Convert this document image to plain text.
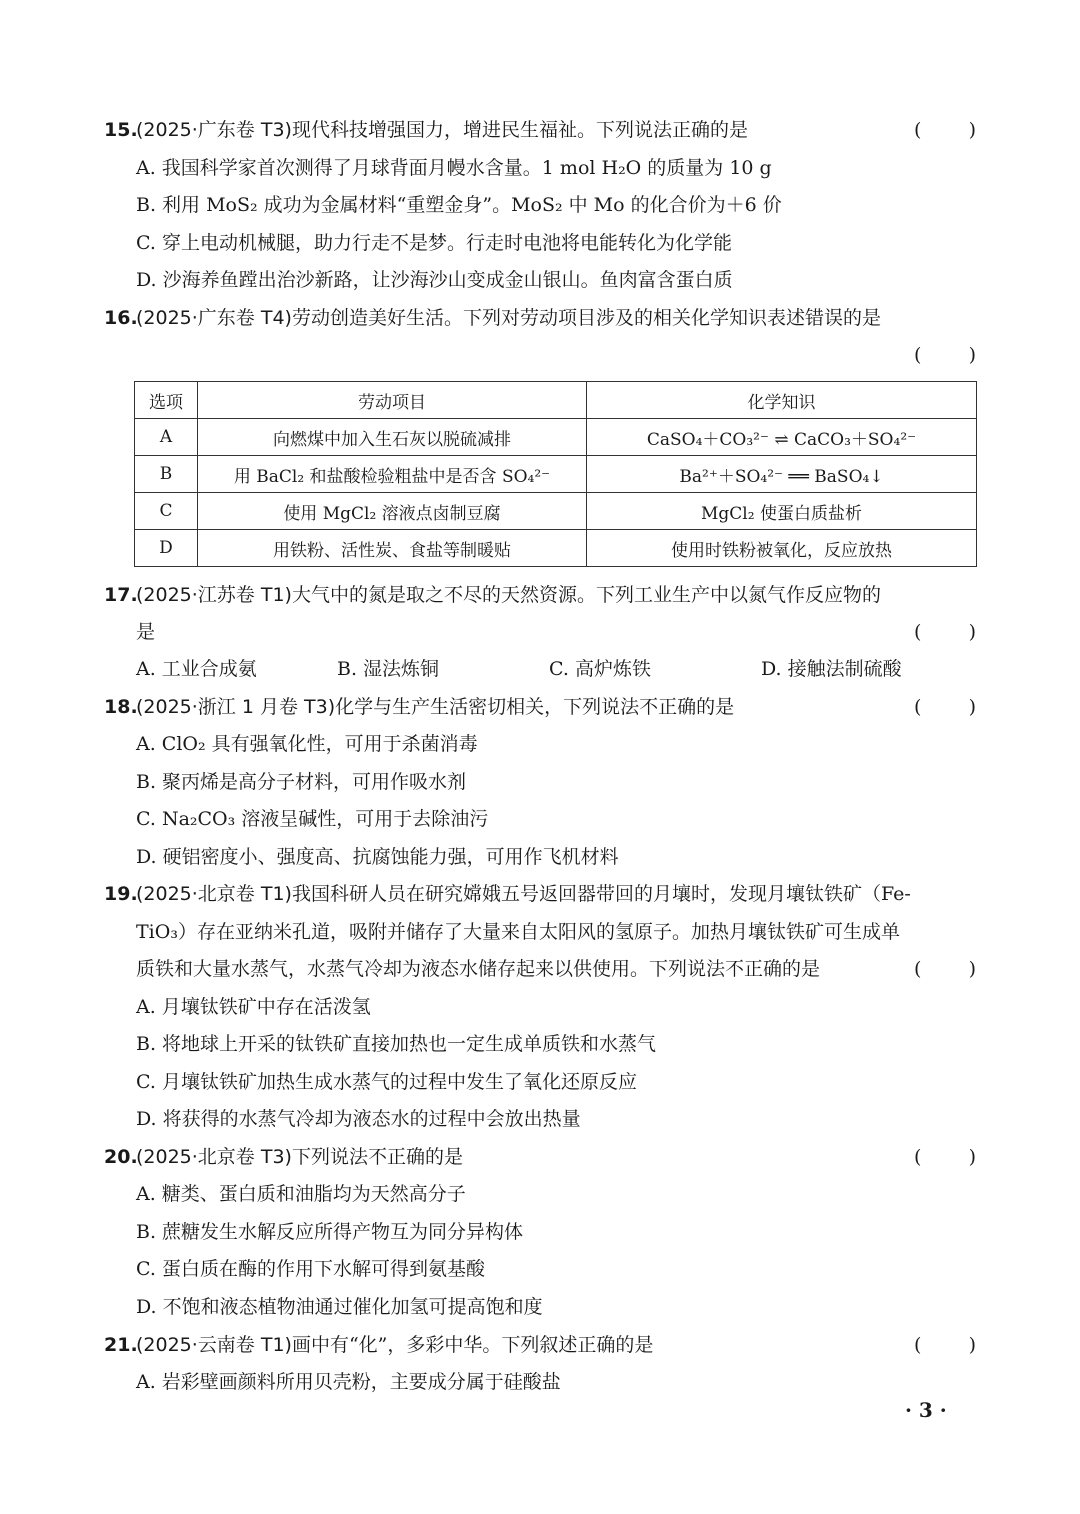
15.
(2025·广东卷 T3)现代科技增强国力，增进民生福祉。下列说法正确的是	( )
A. 我国科学家首次测得了月球背面月幔水含量。1 mol H₂O 的质量为 10 g
B. 利用 MoS₂ 成功为金属材料“重塑金身”。MoS₂ 中 Mo 的化合价为＋6 价
C. 穿上电动机械腿，助力行走不是梦。行走时电池将电能转化为化学能
D. 沙海养鱼蹚出治沙新路，让沙海沙山变成金山银山。鱼肉富含蛋白质
16.
(2025·广东卷 T4)劳动创造美好生活。下列对劳动项目涉及的相关化学知识表述错误的是
( )
选项	劳动项目	化学知识
A	向燃煤中加入生石灰以脱硫减排	CaSO₄＋CO₃²⁻ ⇌ CaCO₃＋SO₄²⁻
B	用 BaCl₂ 和盐酸检验粗盐中是否含 SO₄²⁻	Ba²⁺＋SO₄²⁻ ══ BaSO₄↓
C	使用 MgCl₂ 溶液点卤制豆腐	MgCl₂ 使蛋白质盐析
D	用铁粉、活性炭、食盐等制暖贴	使用时铁粉被氧化，反应放热
17.
(2025·江苏卷 T1)大气中的氮是取之不尽的天然资源。下列工业生产中以氮气作反应物的
是	( )
A. 工业合成氨	B. 湿法炼铜	C. 高炉炼铁	D. 接触法制硫酸
18.
(2025·浙江 1 月卷 T3)化学与生产生活密切相关，下列说法不正确的是	( )
A. ClO₂ 具有强氧化性，可用于杀菌消毒
B. 聚丙烯是高分子材料，可用作吸水剂
C. Na₂CO₃ 溶液呈碱性，可用于去除油污
D. 硬铝密度小、强度高、抗腐蚀能力强，可用作飞机材料
19.
(2025·北京卷 T1)我国科研人员在研究嫦娥五号返回器带回的月壤时，发现月壤钛铁矿（Fe-
TiO₃）存在亚纳米孔道，吸附并储存了大量来自太阳风的氢原子。加热月壤钛铁矿可生成单
质铁和大量水蒸气，水蒸气冷却为液态水储存起来以供使用。下列说法不正确的是	( )
A. 月壤钛铁矿中存在活泼氢
B. 将地球上开采的钛铁矿直接加热也一定生成单质铁和水蒸气
C. 月壤钛铁矿加热生成水蒸气的过程中发生了氧化还原反应
D. 将获得的水蒸气冷却为液态水的过程中会放出热量
20.
(2025·北京卷 T3)下列说法不正确的是	( )
A. 糖类、蛋白质和油脂均为天然高分子
B. 蔗糖发生水解反应所得产物互为同分异构体
C. 蛋白质在酶的作用下水解可得到氨基酸
D. 不饱和液态植物油通过催化加氢可提高饱和度
21.
(2025·云南卷 T1)画中有“化”，多彩中华。下列叙述正确的是	( )
A. 岩彩壁画颜料所用贝壳粉，主要成分属于硅酸盐
· 3 ·
